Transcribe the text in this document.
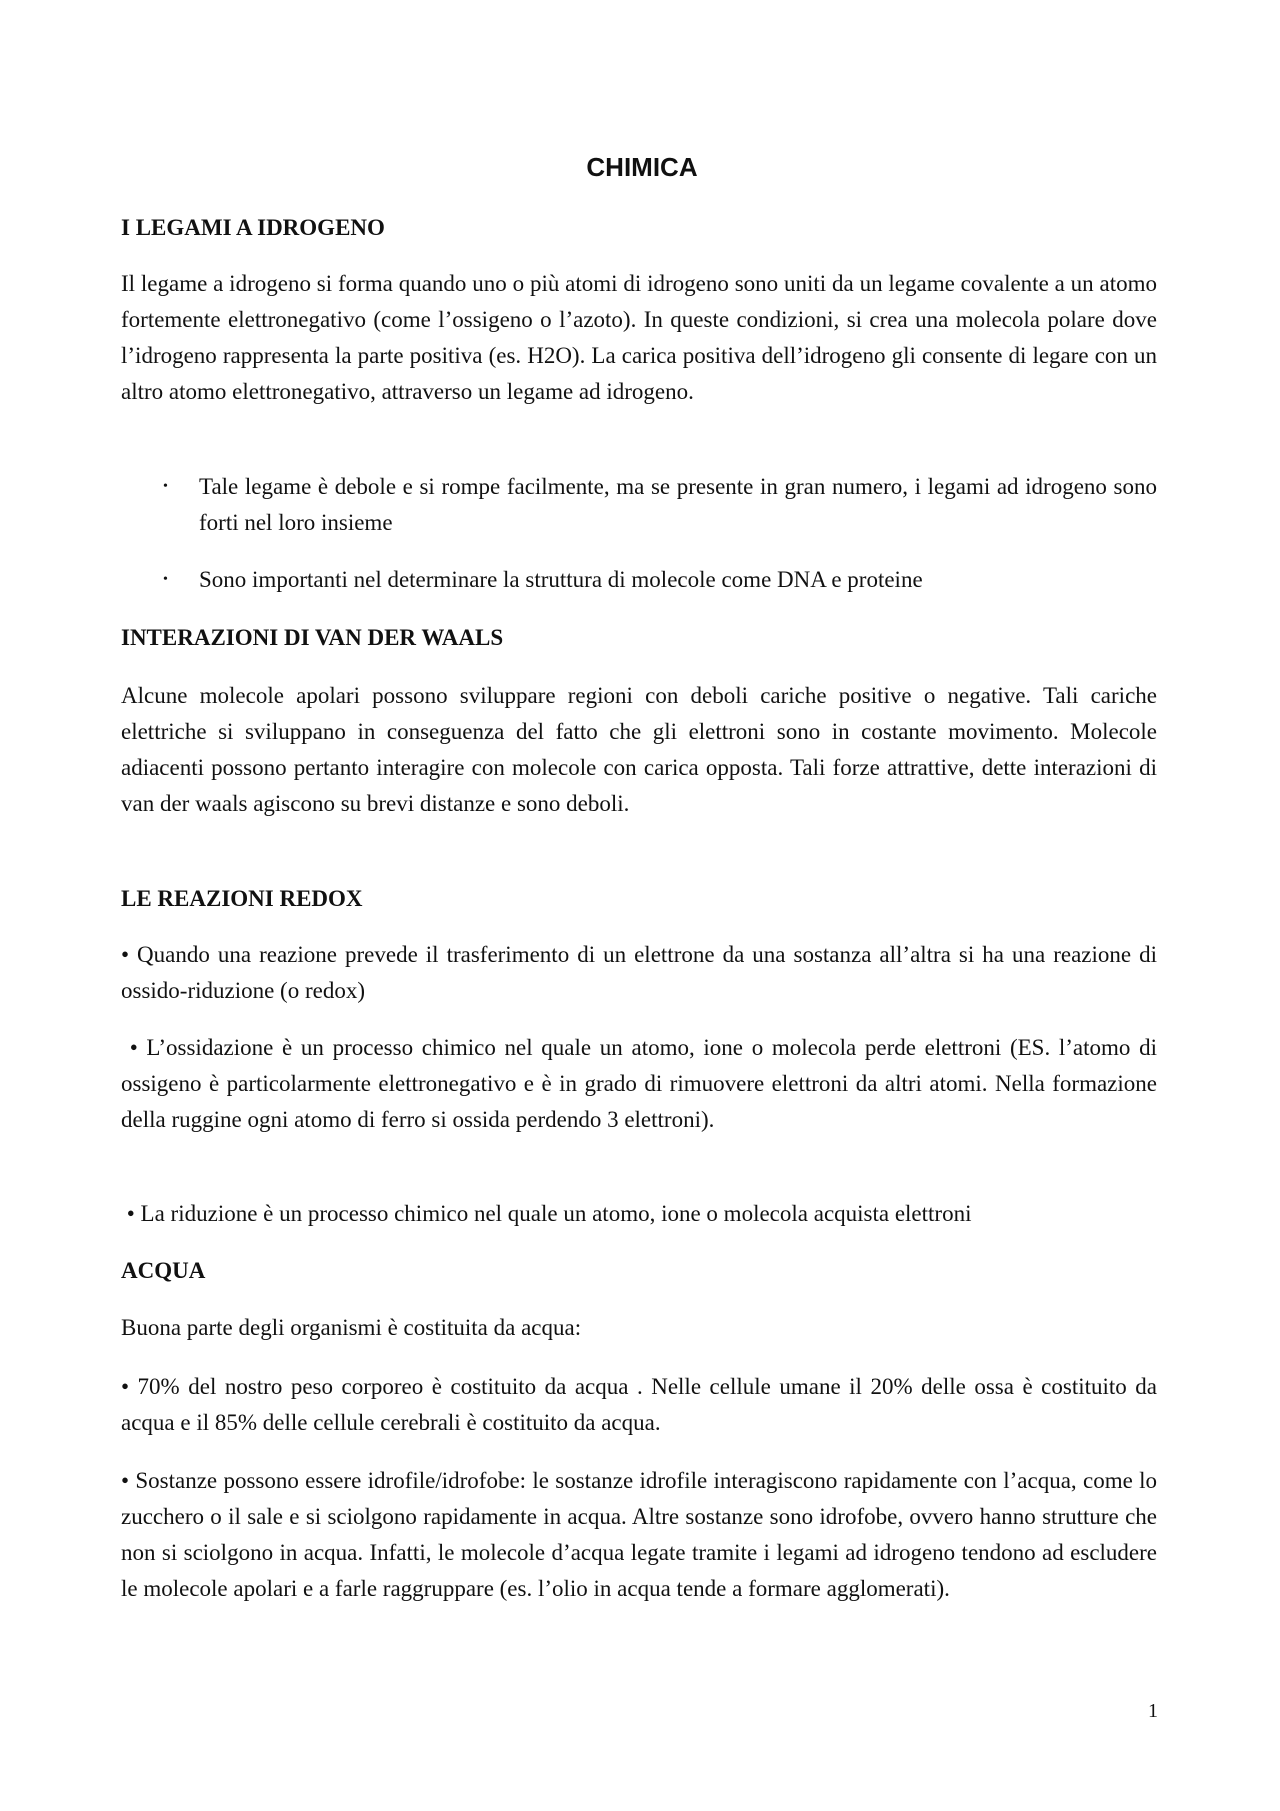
CHIMICA
I LEGAMI A IDROGENO
Il legame a idrogeno si forma quando uno o più atomi di idrogeno sono uniti da un legame covalente a un atomo fortemente elettronegativo (come l’ossigeno o l’azoto). In queste condizioni, si crea una molecola polare dove l’idrogeno rappresenta la parte positiva (es. H2O). La carica positiva dell’idrogeno gli consente di legare con un altro atomo elettronegativo, attraverso un legame ad idrogeno.
• Tale legame è debole e si rompe facilmente, ma se presente in gran numero, i legami ad idrogeno sono forti nel loro insieme
• Sono importanti nel determinare la struttura di molecole come DNA e proteine
INTERAZIONI DI VAN DER WAALS
Alcune molecole apolari possono sviluppare regioni con deboli cariche positive o negative. Tali cariche elettriche si sviluppano in conseguenza del fatto che gli elettroni sono in costante movimento. Molecole adiacenti possono pertanto interagire con molecole con carica opposta. Tali forze attrattive, dette interazioni di van der waals agiscono su brevi distanze e sono deboli.
LE REAZIONI REDOX
• Quando una reazione prevede il trasferimento di un elettrone da una sostanza all’altra si ha una reazione di ossido-riduzione (o redox)
• L’ossidazione è un processo chimico nel quale un atomo, ione o molecola perde elettroni (ES. l’atomo di ossigeno è particolarmente elettronegativo e è in grado di rimuovere elettroni da altri atomi. Nella formazione della ruggine ogni atomo di ferro si ossida perdendo 3 elettroni).
• La riduzione è un processo chimico nel quale un atomo, ione o molecola acquista elettroni
ACQUA
Buona parte degli organismi è costituita da acqua:
• 70% del nostro peso corporeo è costituito da acqua . Nelle cellule umane il 20% delle ossa è costituito da acqua e il 85% delle cellule cerebrali è costituito da acqua.
• Sostanze possono essere idrofile/idrofobe: le sostanze idrofile interagiscono rapidamente con l’acqua, come lo zucchero o il sale e si sciolgono rapidamente in acqua. Altre sostanze sono idrofobe, ovvero hanno strutture che non si sciolgono in acqua. Infatti, le molecole d’acqua legate tramite i legami ad idrogeno tendono ad escludere le molecole apolari e a farle raggruppare (es. l’olio in acqua tende a formare agglomerati).
1
